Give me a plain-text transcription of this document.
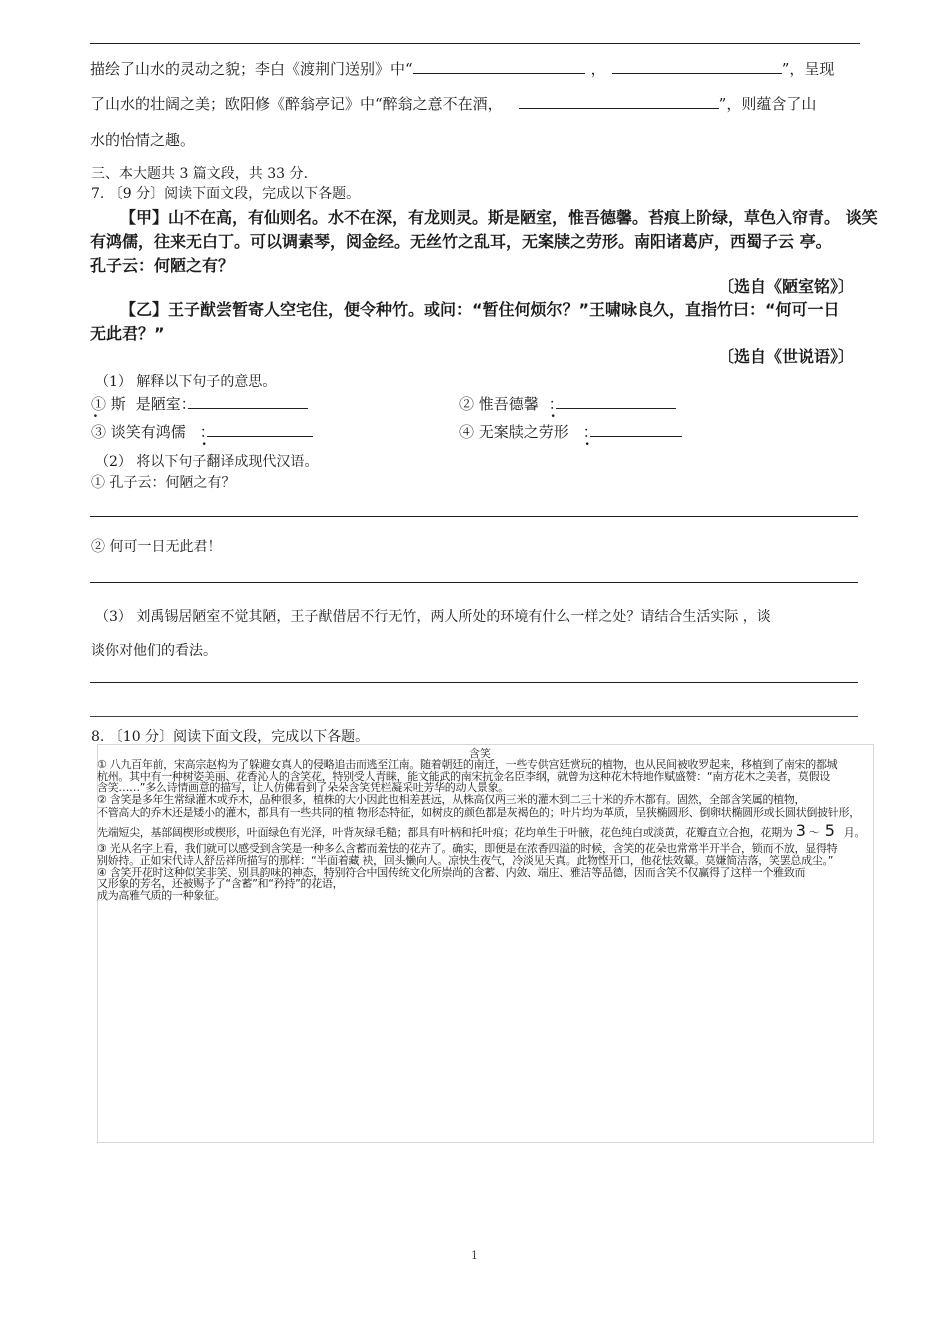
描绘了山水的灵动之貌；李白《渡荆门送别》中“	，	”，呈现
了山水的壮阔之美；欧阳修《醉翁亭记》中“醉翁之意不在酒，	”，则蕴含了山
水的怡情之趣。
三、本大题共 3 篇文段，共 33 分.
7. 〔9 分〕阅读下面文段，完成以下各题。
【甲】山不在高，有仙则名。水不在深，有龙则灵。斯是陋室，惟吾德馨。苔痕上阶绿，草色入帘青。 谈笑
有鸿儒，往来无白丁。可以调素琴，阅金经。无丝竹之乱耳，无案牍之劳形。南阳诸葛庐，西蜀子云 亭。
孔子云：何陋之有？
〔选自《陋室铭》〕
【乙】王子猷尝暂寄人空宅住，便令种竹。或问：“暂住何烦尔？”王啸咏良久，直指竹曰：“何可一日
无此君？”
〔选自《世说语》〕
（1） 解释以下句子的意思。
① 斯 . 是陋室：	② 惟吾德馨 ： .
③ 谈笑有鸿儒 ： .	④ 无案牍之劳形 ： .
（2） 将以下句子翻译成现代汉语。
① 孔子云：何陋之有？
② 何可一日无此君！
（3） 刘禹锡居陋室不觉其陋，王子猷借居不行无竹，两人所处的环境有什么一样之处？请结合生活实际 ，谈
谈你对他们的看法。
8. 〔10 分〕阅读下面文段，完成以下各题。
含笑
① 八九百年前，宋高宗赵构为了躲避女真人的侵略追击而逃至江南。随着朝廷的南迁，一些专供宫廷赏玩的植物，也从民间被收罗起来，移植到了南宋的都城
杭州。其中有一种树姿美丽、花香沁人的含笑花，特别受人青睐，能文能武的南宋抗金名臣李纲，就曾为这种花木特地作赋盛赞：“南方花木之美者，莫假设
含笑……”多么诗情画意的描写，让人仿佛看到了朵朵含笑凭栏凝采吐芳华的动人景象。
② 含笑是多年生常绿灌木或乔木，品种很多，植株的大小因此也相差甚远，从株高仅两三米的灌木到二三十米的乔木都有。固然，全部含笑属的植物，
不管高大的乔木还是矮小的灌木，都具有一些共同的植 物形态特征，如树皮的颜色都是灰褐色的；叶片均为革质，呈狭椭圆形、倒卵状椭圆形或长圆状倒披针形，
先端短尖，基部阔楔形或楔形，叶面绿色有光泽，叶背灰绿毛糙；都具有叶柄和托叶痕；花均单生于叶腋，花色纯白或淡黄，花瓣直立合抱，花期为 3 ～ 5 月。
③ 光从名字上看，我们就可以感受到含笑是一种多么含蓄而羞怯的花卉了。确实，即便是在浓香四溢的时候，含笑的花朵也常常半开半合，锁而不放，显得特
别娇持。正如宋代诗人舒岳祥所描写的那样：“半面着藏 袂，回头懒向人。凉快生夜气，冷淡见天真。此物悭开口，他花怯效颦。莫嫌简洁落，笑罢总成尘。”
④ 含笑开花时这种似笑非笑、别具韵味的神态，特别符合中国传统文化所崇尚的含蓄、内敛、端庄、雅洁等品德，因而含笑不仅赢得了这样一个雅致而
又形象的芳名，还被赐予了“含蓄”和“矜持”的花语，
成为高雅气质的一种象征。
1
